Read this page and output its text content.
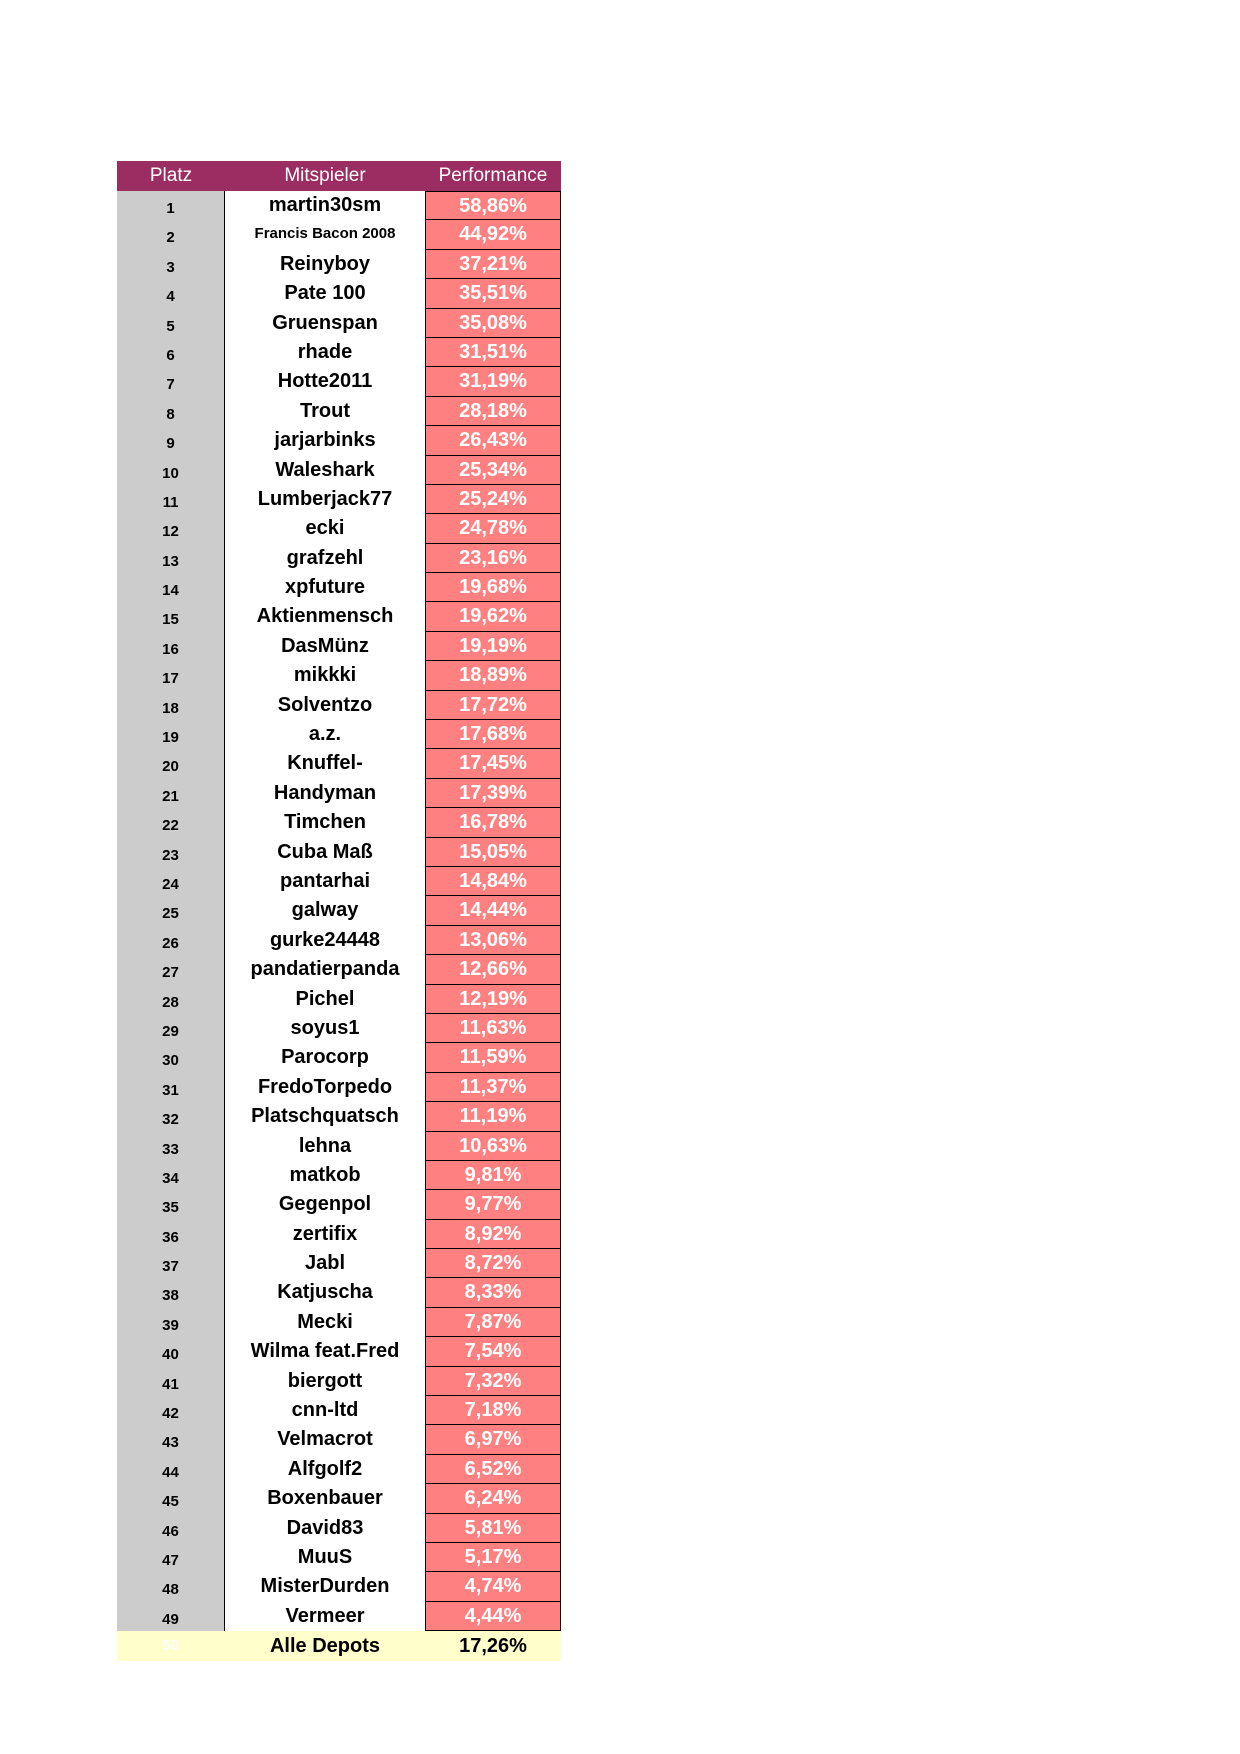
Platz	Mitspieler	Performance
1	martin30sm	58,86%
2	Francis Bacon 2008	44,92%
3	Reinyboy	37,21%
4	Pate 100	35,51%
5	Gruenspan	35,08%
6	rhade	31,51%
7	Hotte2011	31,19%
8	Trout	28,18%
9	jarjarbinks	26,43%
10	Waleshark	25,34%
11	Lumberjack77	25,24%
12	ecki	24,78%
13	grafzehl	23,16%
14	xpfuture	19,68%
15	Aktienmensch	19,62%
16	DasMünz	19,19%
17	mikkki	18,89%
18	Solventzo	17,72%
19	a.z.	17,68%
20	Knuffel-	17,45%
21	Handyman	17,39%
22	Timchen	16,78%
23	Cuba Maß	15,05%
24	pantarhai	14,84%
25	galway	14,44%
26	gurke24448	13,06%
27	pandatierpanda	12,66%
28	Pichel	12,19%
29	soyus1	11,63%
30	Parocorp	11,59%
31	FredoTorpedo	11,37%
32	Platschquatsch	11,19%
33	lehna	10,63%
34	matkob	9,81%
35	Gegenpol	9,77%
36	zertifix	8,92%
37	Jabl	8,72%
38	Katjuscha	8,33%
39	Mecki	7,87%
40	Wilma feat.Fred	7,54%
41	biergott	7,32%
42	cnn-ltd	7,18%
43	Velmacrot	6,97%
44	Alfgolf2	6,52%
45	Boxenbauer	6,24%
46	David83	5,81%
47	MuuS	5,17%
48	MisterDurden	4,74%
49	Vermeer	4,44%
50	Alle Depots	17,26%
